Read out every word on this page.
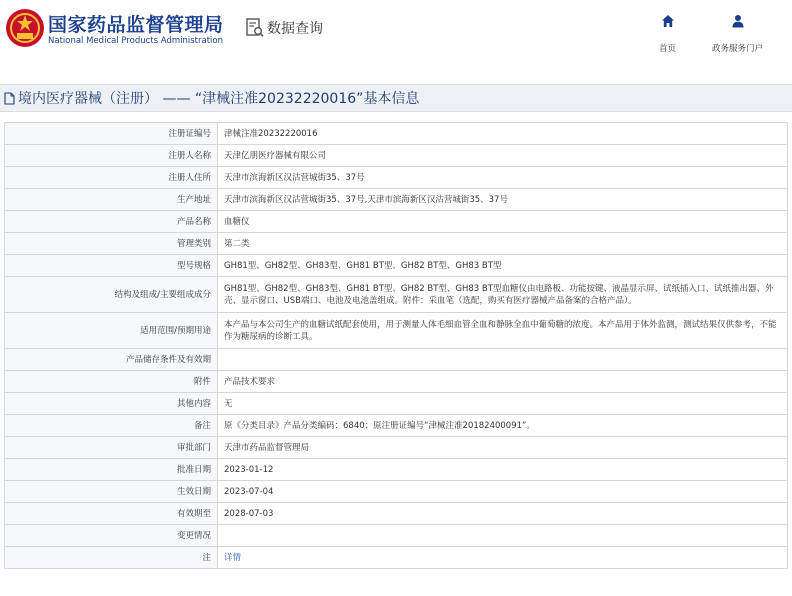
国家药品监督管理局
National Medical Products Administration
数据查询
首页	政务服务门户
境内医疗器械（注册） —— “津械注准20232220016”基本信息
注册证编号	津械注准20232220016
注册人名称	天津亿朋医疗器械有限公司
注册人住所	天津市滨海新区汉沽营城街35、37号
生产地址	天津市滨海新区汉沽营城街35、37号,天津市滨海新区汉沽营城街35、37号
产品名称	血糖仪
管理类别	第二类
型号规格	GH81型、GH82型、GH83型、GH81 BT型、GH82 BT型、GH83 BT型
结构及组成/主要组成成分	GH81型、GH82型、GH83型、GH81 BT型、GH82 BT型、GH83 BT型血糖仪由电路板、功能按键、液晶显示屏、试纸插入口、试纸推出器、外壳、显示窗口、USB端口、电池及电池盖组成。附件：采血笔（选配，购买有医疗器械产品备案的合格产品）。
适用范围/预期用途	本产品与本公司生产的血糖试纸配套使用，用于测量人体毛细血管全血和静脉全血中葡萄糖的浓度。本产品用于体外监测，测试结果仅供参考，不能作为糖尿病的诊断工具。
产品储存条件及有效期	
附件	产品技术要求
其他内容	无
备注	原《分类目录》产品分类编码：6840；原注册证编号“津械注准20182400091”。
审批部门	天津市药品监督管理局
批准日期	2023-01-12
生效日期	2023-07-04
有效期至	2028-07-03
变更情况	
注	详情
